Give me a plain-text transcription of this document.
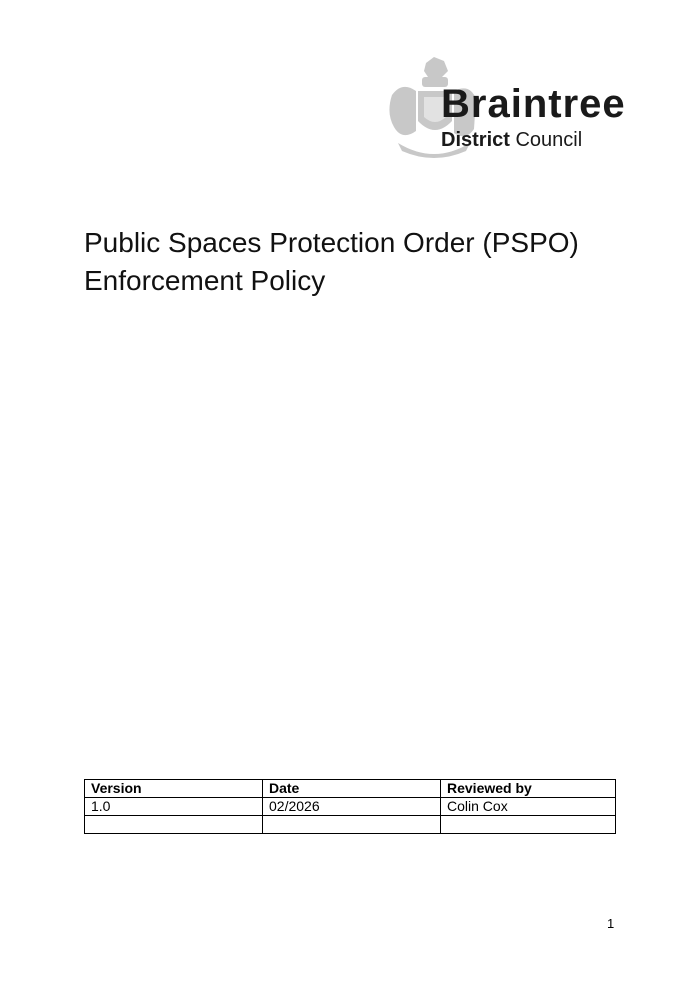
Braintree
District Council
Public Spaces Protection Order (PSPO)
Enforcement Policy
Version	Date	Reviewed by
1.0	02/2026	Colin Cox

1
